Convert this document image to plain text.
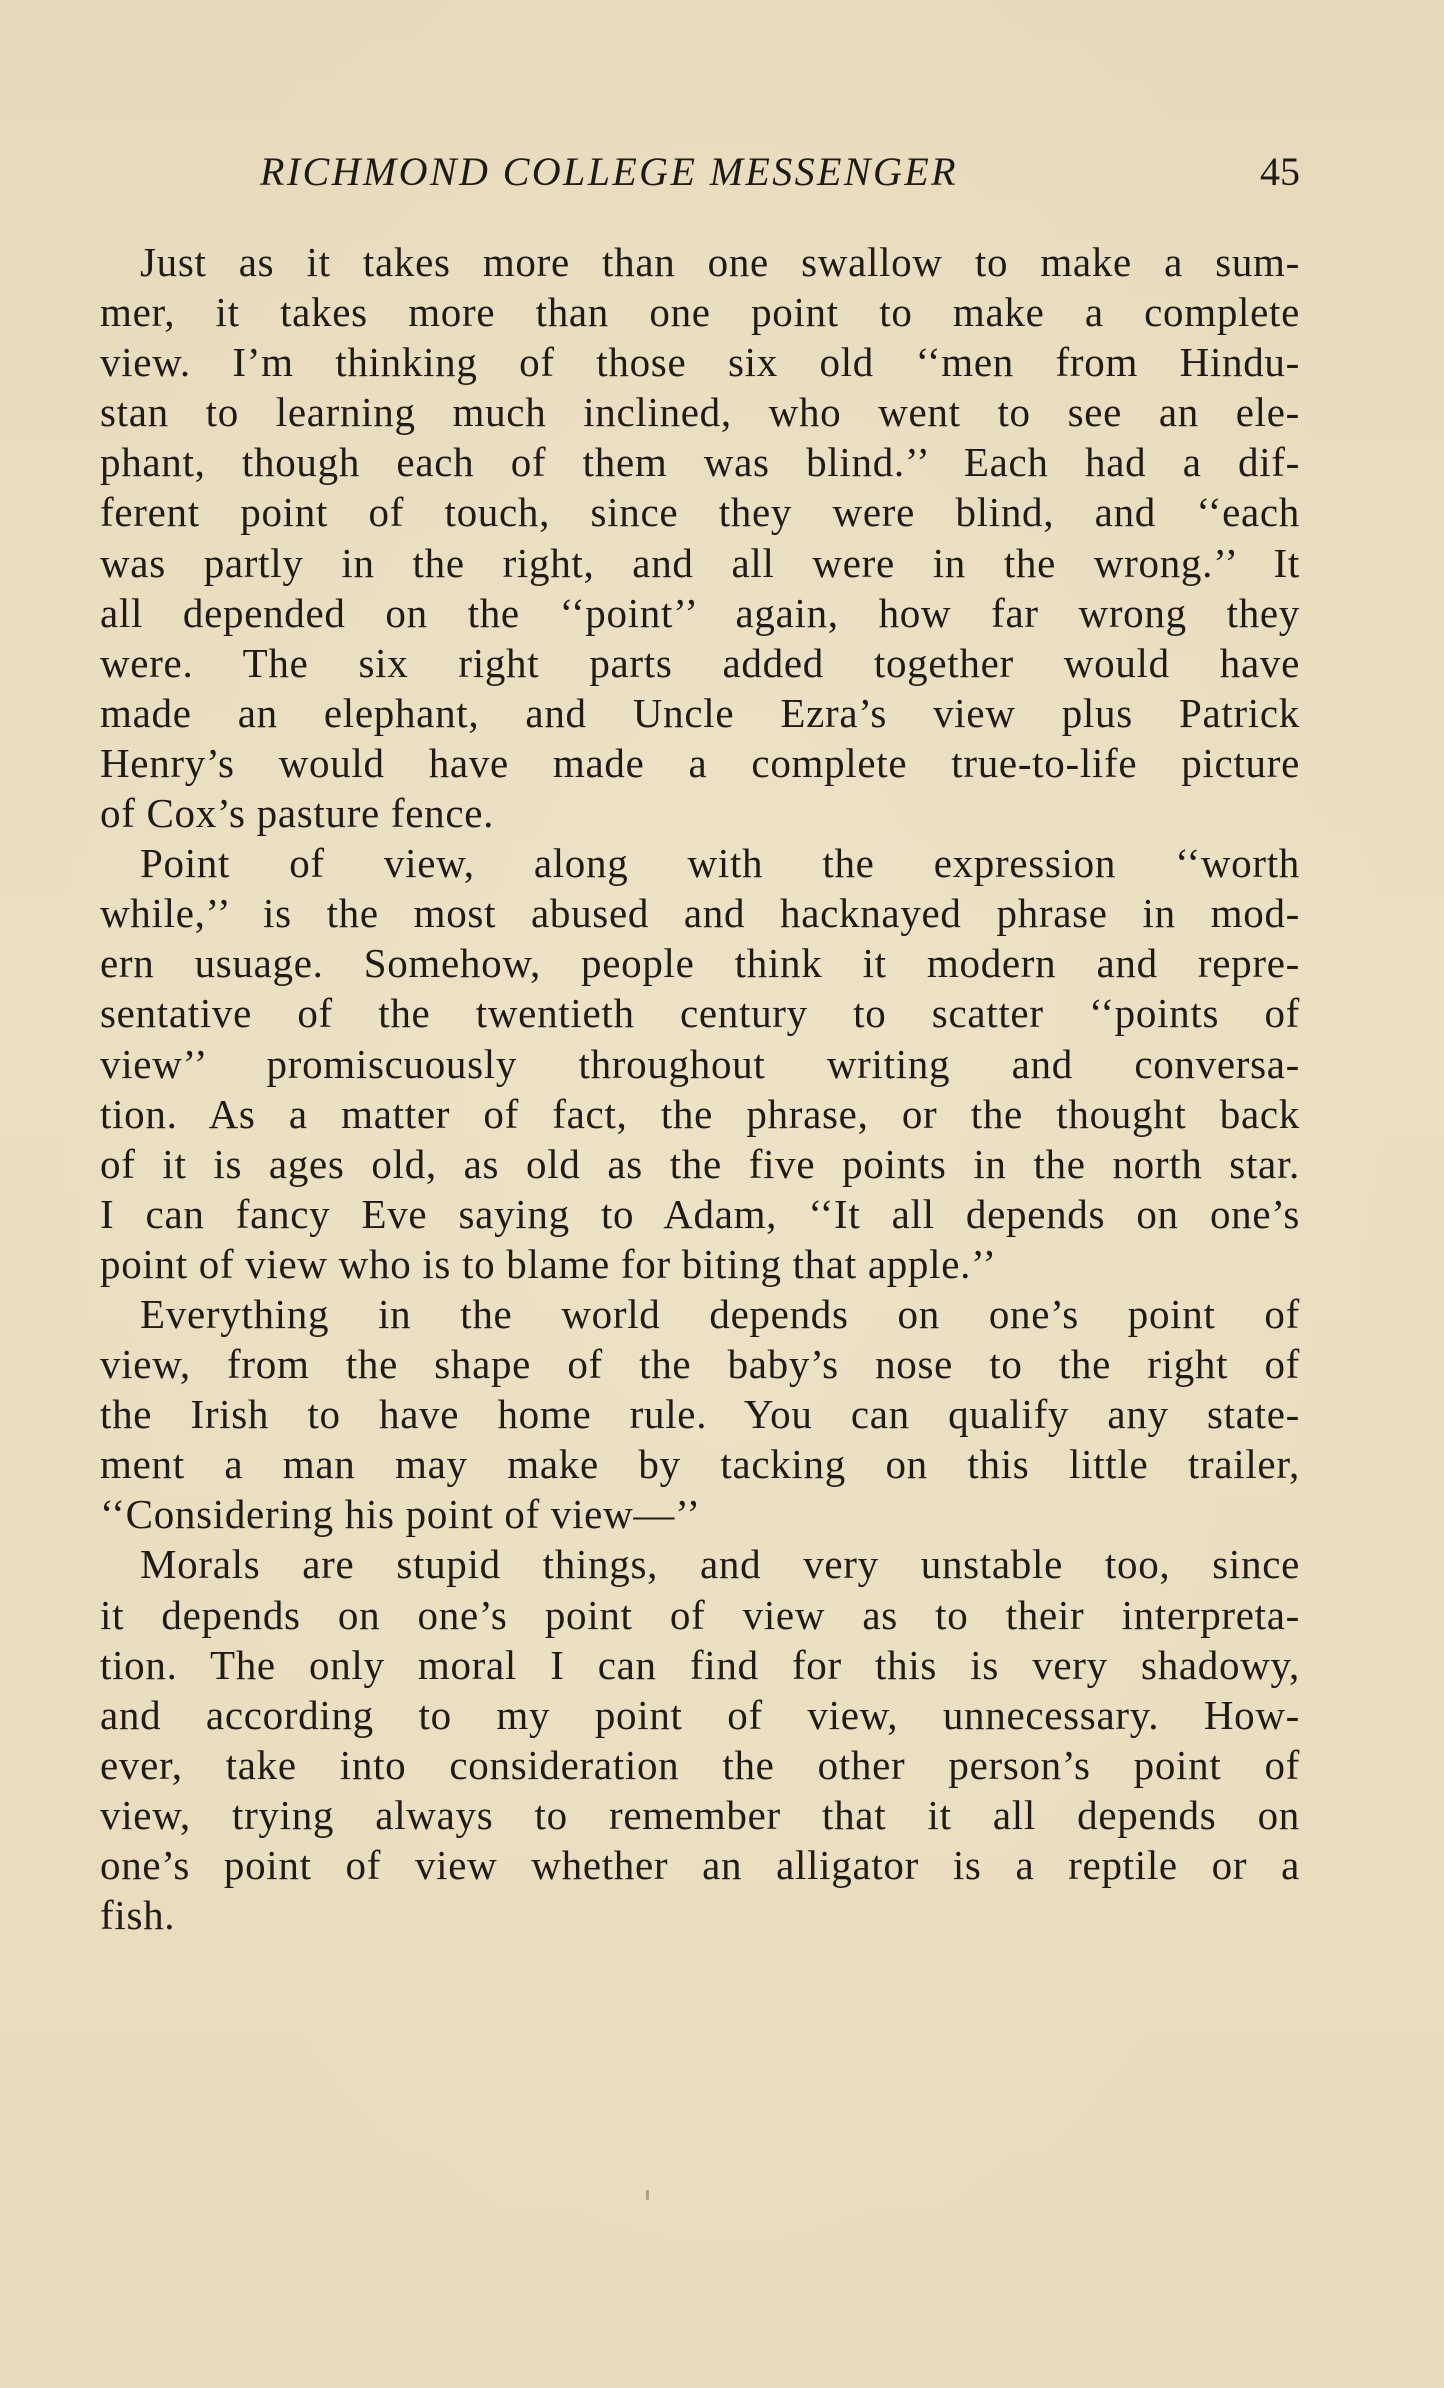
RICHMOND COLLEGE MESSENGER	45
Just as it takes more than one swallow to make a sum-
mer, it takes more than one point to make a complete
view. I’m thinking of those six old ‘‘men from Hindu-
stan to learning much inclined, who went to see an ele-
phant, though each of them was blind.’’ Each had a dif-
ferent point of touch, since they were blind, and ‘‘each
was partly in the right, and all were in the wrong.’’ It
all depended on the ‘‘point’’ again, how far wrong they
were. The six right parts added together would have
made an elephant, and Uncle Ezra’s view plus Patrick
Henry’s would have made a complete true-to-life picture
of Cox’s pasture fence.
Point of view, along with the expression ‘‘worth
while,’’ is the most abused and hacknayed phrase in mod-
ern usuage. Somehow, people think it modern and repre-
sentative of the twentieth century to scatter ‘‘points of
view’’ promiscuously throughout writing and conversa-
tion. As a matter of fact, the phrase, or the thought back
of it is ages old, as old as the five points in the north star.
I can fancy Eve saying to Adam, ‘‘It all depends on one’s
point of view who is to blame for biting that apple.’’
Everything in the world depends on one’s point of
view, from the shape of the baby’s nose to the right of
the Irish to have home rule. You can qualify any state-
ment a man may make by tacking on this little trailer,
‘‘Considering his point of view—’’
Morals are stupid things, and very unstable too, since
it depends on one’s point of view as to their interpreta-
tion. The only moral I can find for this is very shadowy,
and according to my point of view, unnecessary. How-
ever, take into consideration the other person’s point of
view, trying always to remember that it all depends on
one’s point of view whether an alligator is a reptile or a
fish.
